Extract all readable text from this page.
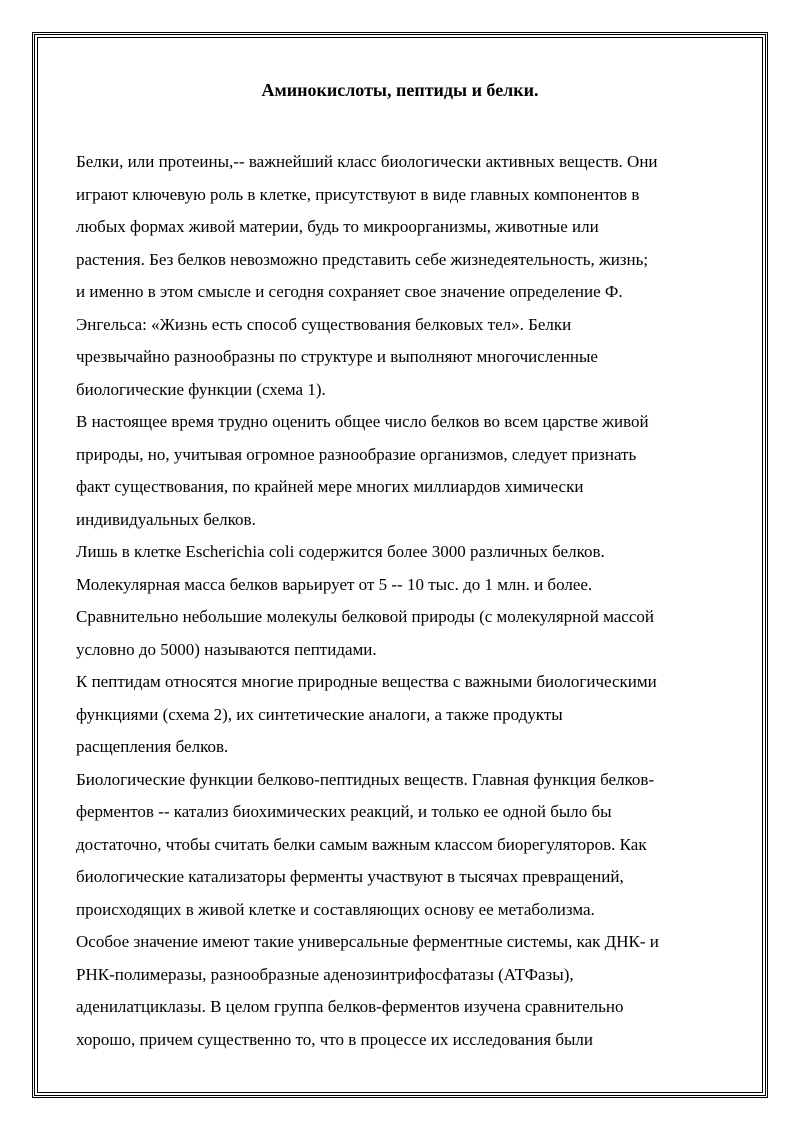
Аминокислоты, пептиды и белки.
Белки, или протеины,-- важнейший класс биологически активных веществ. Они
играют ключевую роль в клетке, присутствуют в виде главных компонентов в
любых формах живой материи, будь то микроорганизмы, животные или
растения. Без белков невозможно представить себе жизнедеятельность, жизнь;
и именно в этом смысле и сегодня сохраняет свое значение определение Ф.
Энгельса: «Жизнь есть способ существования белковых тел». Белки
чрезвычайно разнообразны по структуре и выполняют многочисленные
биологические функции (схема 1).
В настоящее время трудно оценить общее число белков во всем царстве живой
природы, но, учитывая огромное разнообразие организмов, следует признать
факт существования, по крайней мере многих миллиардов химически
индивидуальных белков.
Лишь в клетке Escherichia coli содержится более 3000 различных белков.
Молекулярная масса белков варьирует от 5 -- 10 тыс. до 1 млн. и более.
Сравнительно небольшие молекулы белковой природы (с молекулярной массой
условно до 5000) называются пептидами.
К пептидам относятся многие природные вещества с важными биологическими
функциями (схема 2), их синтетические аналоги, а также продукты
расщепления белков.
Биологические функции белково-пептидных веществ. Главная функция белков-
ферментов -- катализ биохимических реакций, и только ее одной было бы
достаточно, чтобы считать белки самым важным классом биорегуляторов. Как
биологические катализаторы ферменты участвуют в тысячах превращений,
происходящих в живой клетке и составляющих основу ее метаболизма.
Особое значение имеют такие универсальные ферментные системы, как ДНК- и
РНК-полимеразы, разнообразные аденозинтрифосфатазы (АТФазы),
аденилатциклазы. В целом группа белков-ферментов изучена сравнительно
хорошо, причем существенно то, что в процессе их исследования были
